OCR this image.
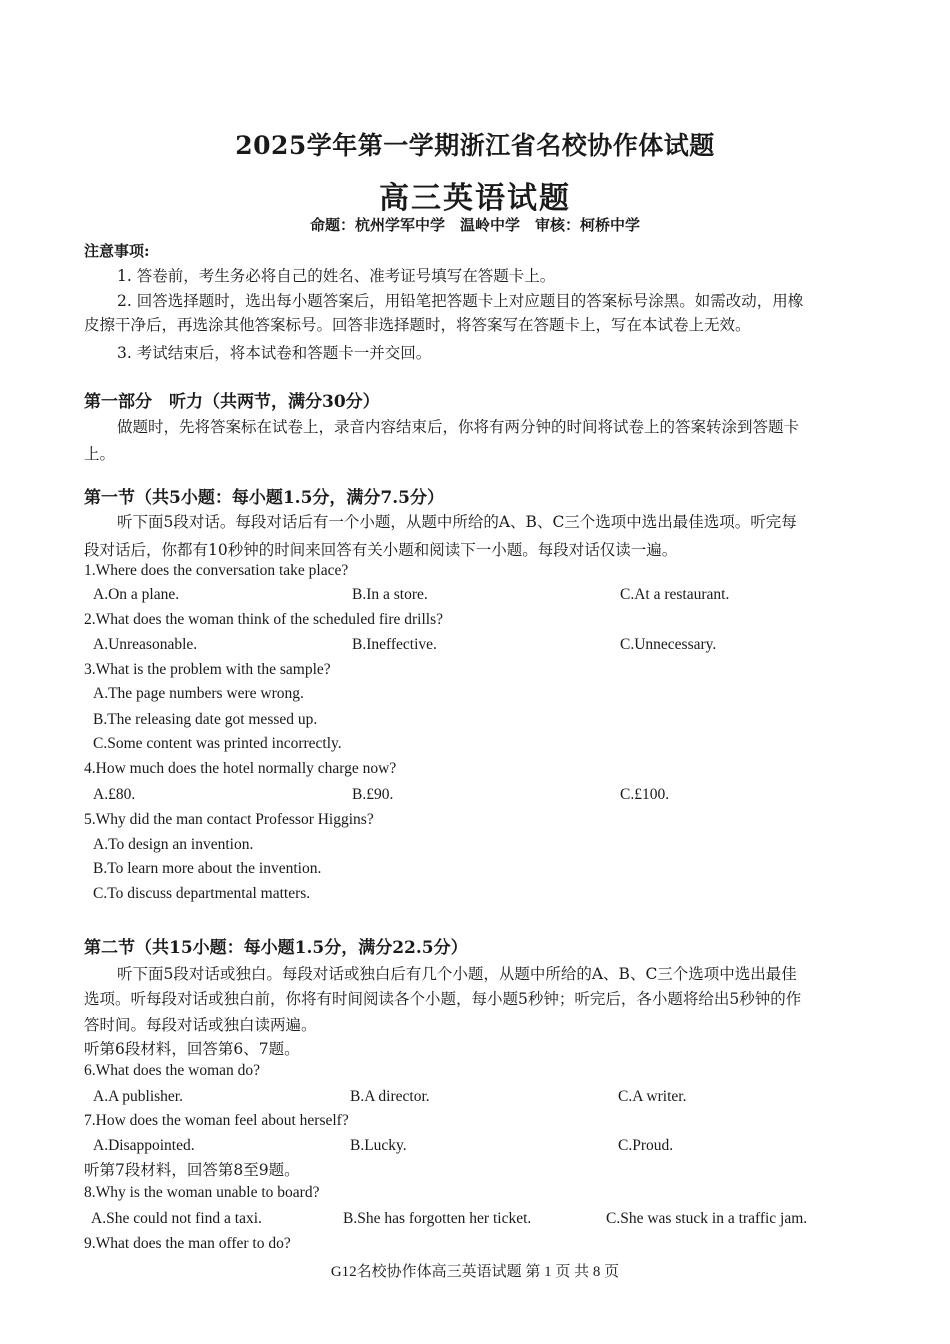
2025学年第一学期浙江省名校协作体试题
高三英语试题
命题：杭州学军中学　温岭中学　审核：柯桥中学
注意事项:
1. 答卷前，考生务必将自己的姓名、准考证号填写在答题卡上。
2. 回答选择题时，选出每小题答案后，用铅笔把答题卡上对应题目的答案标号涂黑。如需改动，用橡
皮擦干净后，再选涂其他答案标号。回答非选择题时，将答案写在答题卡上，写在本试卷上无效。
3. 考试结束后，将本试卷和答题卡一并交回。
第一部分　听力（共两节，满分30分）
做题时，先将答案标在试卷上，录音内容结束后，你将有两分钟的时间将试卷上的答案转涂到答题卡
上。
第一节（共5小题：每小题1.5分，满分7.5分）
听下面5段对话。每段对话后有一个小题，从题中所给的A、B、C三个选项中选出最佳选项。听完每
段对话后，你都有10秒钟的时间来回答有关小题和阅读下一小题。每段对话仅读一遍。
1.Where does the conversation take place?
A.On a plane.	B.In a store.	C.At a restaurant.
2.What does the woman think of the scheduled fire drills?
A.Unreasonable.	B.Ineffective.	C.Unnecessary.
3.What is the problem with the sample?
A.The page numbers were wrong.
B.The releasing date got messed up.
C.Some content was printed incorrectly.
4.How much does the hotel normally charge now?
A.£80.	B.£90.	C.£100.
5.Why did the man contact Professor Higgins?
A.To design an invention.
B.To learn more about the invention.
C.To discuss departmental matters.
第二节（共15小题：每小题1.5分，满分22.5分）
听下面5段对话或独白。每段对话或独白后有几个小题，从题中所给的A、B、C三个选项中选出最佳
选项。听每段对话或独白前，你将有时间阅读各个小题，每小题5秒钟；听完后，各小题将给出5秒钟的作
答时间。每段对话或独白读两遍。
听第6段材料，回答第6、7题。
6.What does the woman do?
A.A publisher.	B.A director.	C.A writer.
7.How does the woman feel about herself?
A.Disappointed.	B.Lucky.	C.Proud.
听第7段材料，回答第8至9题。
8.Why is the woman unable to board?
A.She could not find a taxi.	B.She has forgotten her ticket.	C.She was stuck in a traffic jam.
9.What does the man offer to do?
G12名校协作体高三英语试题 第 1 页 共 8 页
